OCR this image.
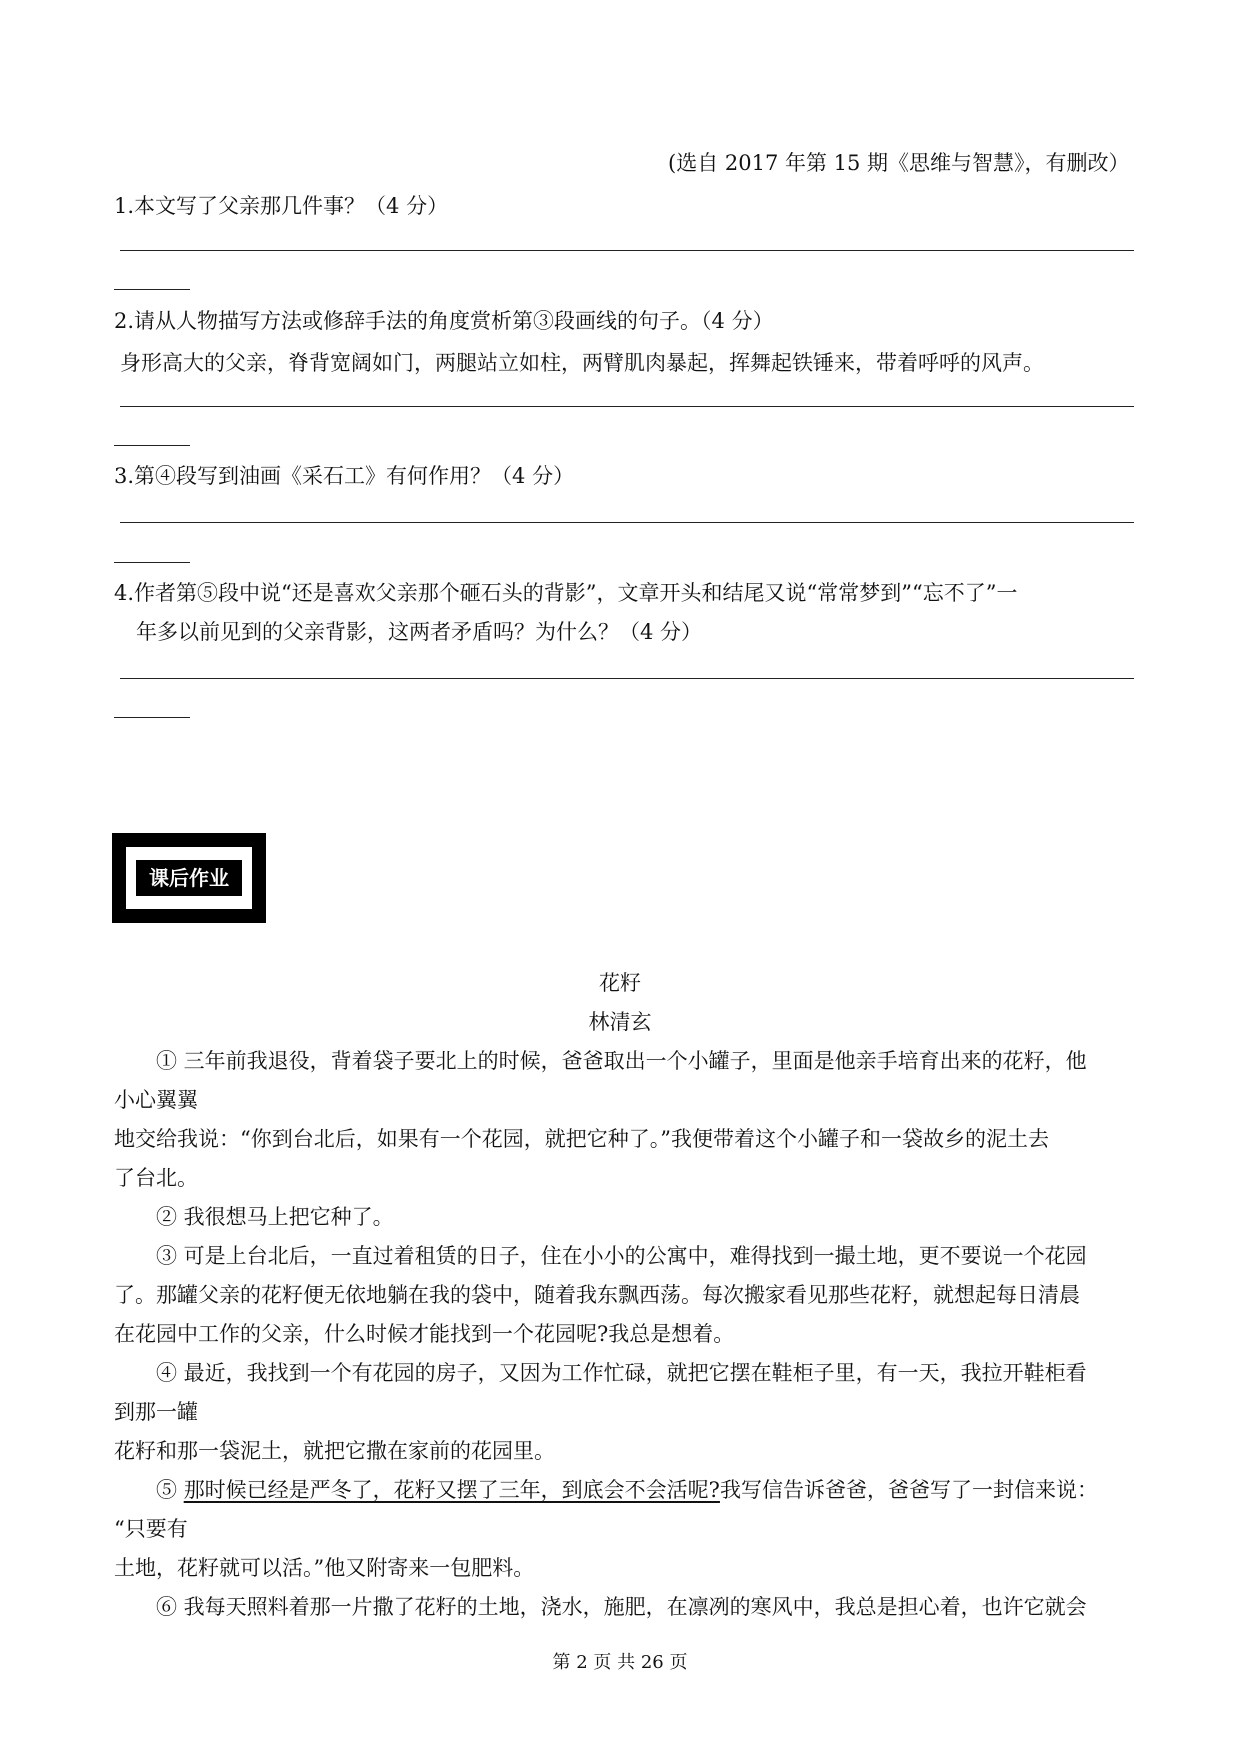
(选自 2017 年第 15 期《思维与智慧》，有删改）
1.本文写了父亲那几件事？（4 分）
2.请从人物描写方法或修辞手法的角度赏析第③段画线的句子。（4 分）
身形高大的父亲，脊背宽阔如门，两腿站立如柱，两臂肌肉暴起，挥舞起铁锤来，带着呼呼的风声。
3.第④段写到油画《采石工》有何作用？（4 分）
4.作者第⑤段中说“还是喜欢父亲那个砸石头的背影”，文章开头和结尾又说“常常梦到”“忘不了”一
年多以前见到的父亲背影，这两者矛盾吗？为什么？（4 分）
课后作业
花籽
林清玄
① 三年前我退役，背着袋子要北上的时候，爸爸取出一个小罐子，里面是他亲手培育出来的花籽，他
小心翼翼
地交给我说：“你到台北后，如果有一个花园，就把它种了。”我便带着这个小罐子和一袋故乡的泥土去
了台北。
② 我很想马上把它种了。
③ 可是上台北后，一直过着租赁的日子，住在小小的公寓中，难得找到一撮土地，更不要说一个花园
了。那罐父亲的花籽便无依地躺在我的袋中，随着我东飘西荡。每次搬家看见那些花籽，就想起每日清晨
在花园中工作的父亲，什么时候才能找到一个花园呢?我总是想着。
④ 最近，我找到一个有花园的房子，又因为工作忙碌，就把它摆在鞋柜子里，有一天，我拉开鞋柜看
到那一罐
花籽和那一袋泥土，就把它撒在家前的花园里。
⑤ 那时候已经是严冬了，花籽又摆了三年，到底会不会活呢?我写信告诉爸爸，爸爸写了一封信来说：
“只要有
土地，花籽就可以活。”他又附寄来一包肥料。
⑥ 我每天照料着那一片撒了花籽的土地，浇水，施肥，在凛冽的寒风中，我总是担心着，也许它就会
第 2 页 共 26 页
